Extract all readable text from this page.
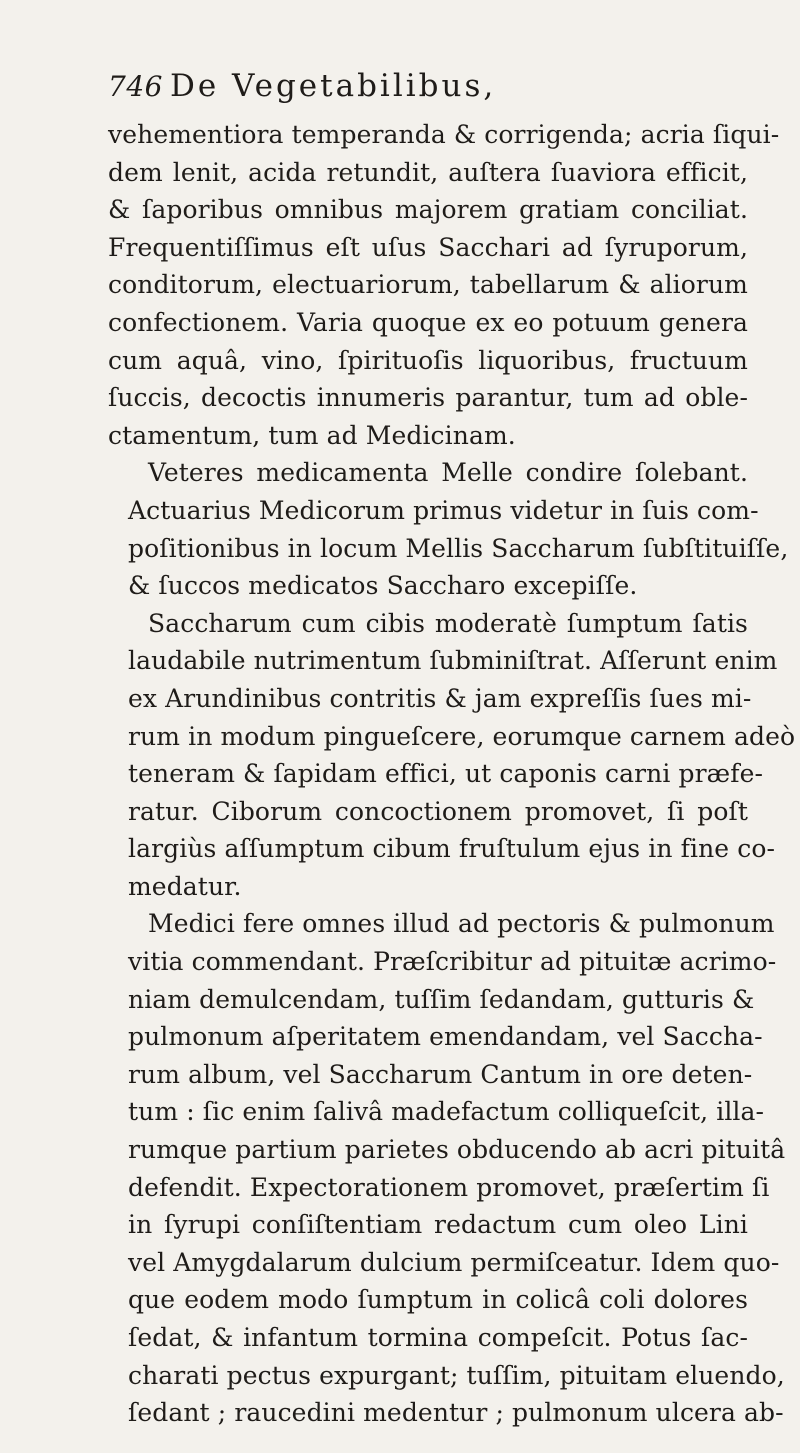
746 De Vegetabilibus,

vehementiora temperanda & corrigenda; acria ſiqui-
dem lenit, acida retundit, auſtera ſuaviora efficit,
& ſaporibus omnibus majorem gratiam conciliat.
Frequentiſſimus eſt uſus Sacchari ad ſyruporum,
conditorum, electuariorum, tabellarum & aliorum
confectionem. Varia quoque ex eo potuum genera
cum aquâ, vino, ſpirituoſis liquoribus, fructuum
ſuccis, decoctis innumeris parantur, tum ad oble-
ctamentum, tum ad Medicinam.

Veteres medicamenta Melle condire ſolebant.
Actuarius Medicorum primus videtur in ſuis com-
poſitionibus in locum Mellis Saccharum ſubſtituiſſe,
& ſuccos medicatos Saccharo excepiſſe.

Saccharum cum cibis moderatè ſumptum ſatis
laudabile nutrimentum ſubminiſtrat. Aſſerunt enim
ex Arundinibus contritis & jam expreſſis ſues mi-
rum in modum pingueſcere, eorumque carnem adeò
teneram & ſapidam effici, ut caponis carni præfe-
ratur. Ciborum concoctionem promovet, ſi poſt
largiùs aſſumptum cibum fruſtulum ejus in fine co-
medatur.

Medici fere omnes illud ad pectoris & pulmonum
vitia commendant. Præſcribitur ad pituitæ acrimo-
niam demulcendam, tuſſim ſedandam, gutturis &
pulmonum aſperitatem emendandam, vel Saccha-
rum album, vel Saccharum Cantum in ore deten-
tum : ſic enim ſalivâ madefactum colliqueſcit, illa-
rumque partium parietes obducendo ab acri pituitâ
defendit. Expectorationem promovet, præſertim ſi
in ſyrupi conſiſtentiam redactum cum oleo Lini
vel Amygdalarum dulcium permiſceatur. Idem quo-
que eodem modo ſumptum in colicâ coli dolores
ſedat, & infantum tormina compeſcit. Potus ſac-
charati pectus expurgant; tuſſim, pituitam eluendo,
ſedant ; raucedini medentur ; pulmonum ulcera ab-
